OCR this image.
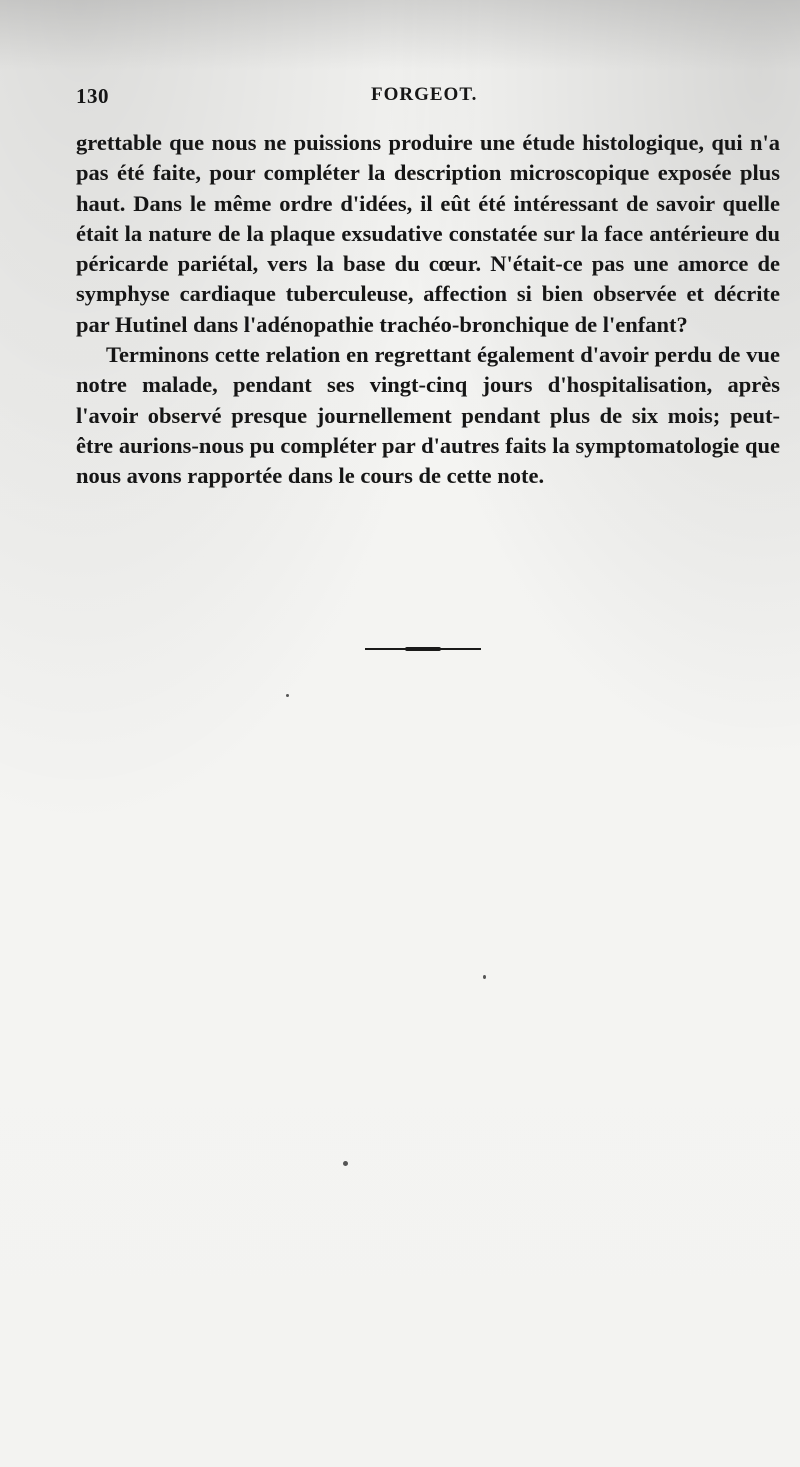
130	FORGEOT.

grettable que nous ne puissions produire une étude histologique, qui n'a pas été faite, pour compléter la description microscopique exposée plus haut. Dans le même ordre d'idées, il eût été intéressant de savoir quelle était la nature de la plaque exsudative constatée sur la face antérieure du péricarde pariétal, vers la base du cœur. N'était-ce pas une amorce de symphyse cardiaque tuberculeuse, affection si bien observée et décrite par Hutinel dans l'adénopathie trachéo-bronchique de l'enfant?

Terminons cette relation en regrettant également d'avoir perdu de vue notre malade, pendant ses vingt-cinq jours d'hospitalisation, après l'avoir observé presque journellement pendant plus de six mois; peut-être aurions-nous pu compléter par d'autres faits la symptomatologie que nous avons rapportée dans le cours de cette note.
